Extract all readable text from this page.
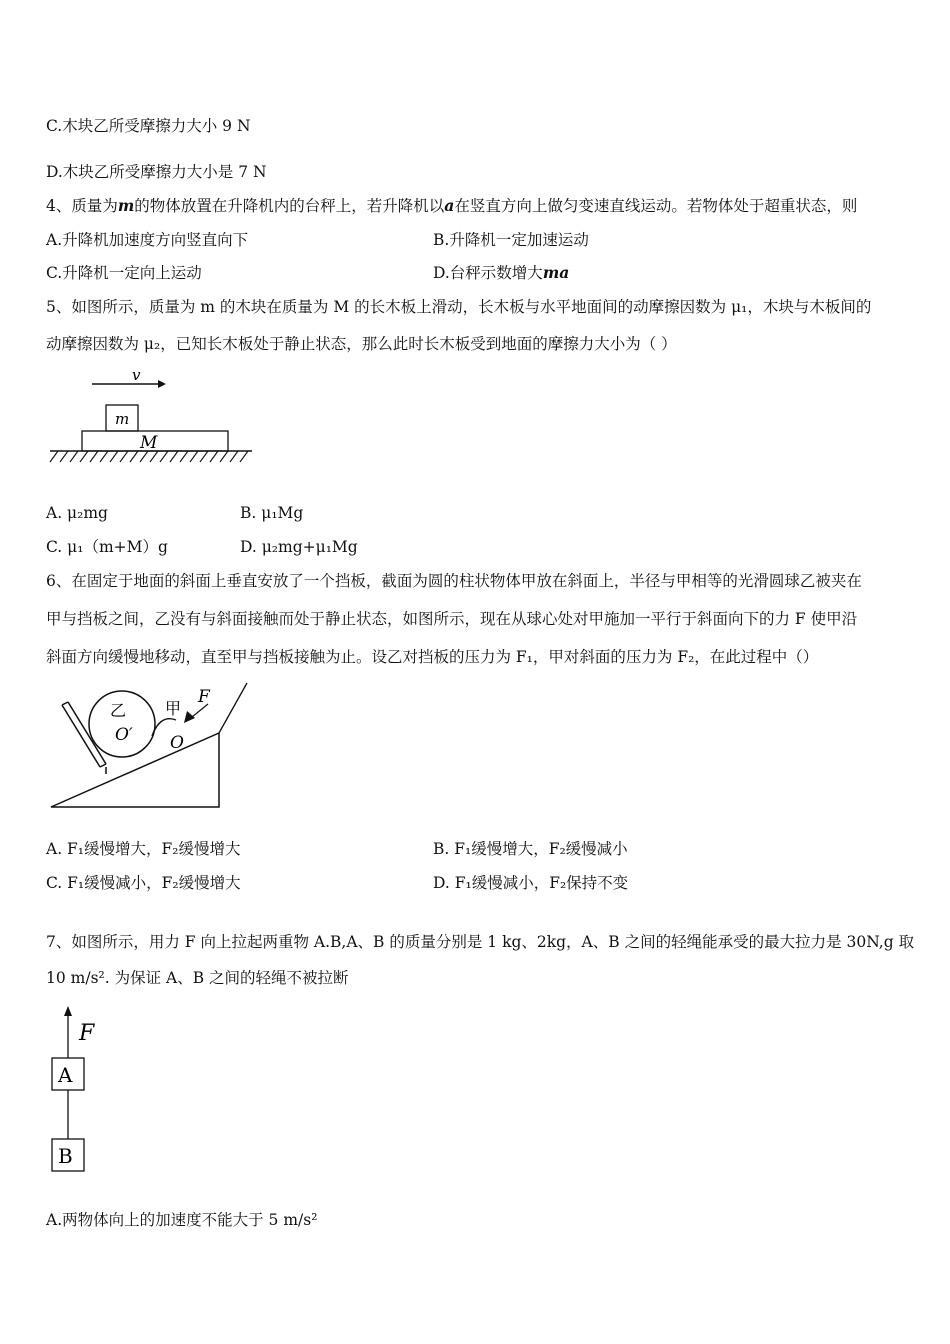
C.木块乙所受摩擦力大小 9 N
D.木块乙所受摩擦力大小是 7 N
4、质量为m的物体放置在升降机内的台秤上，若升降机以a在竖直方向上做匀变速直线运动。若物体处于超重状态，则
A.升降机加速度方向竖直向下	B.升降机一定加速运动
C.升降机一定向上运动	D.台秤示数增大ma
5、如图所示，质量为 m 的木块在质量为 M 的长木板上滑动，长木板与水平地面间的动摩擦因数为 μ₁，木块与木板间的
动摩擦因数为 μ₂，已知长木板处于静止状态，那么此时长木板受到地面的摩擦力大小为（ ）
v
m
M
A. μ₂mg	B. μ₁Mg
C. μ₁（m+M）g	D. μ₂mg+μ₁Mg
6、在固定于地面的斜面上垂直安放了一个挡板，截面为圆的柱状物体甲放在斜面上，半径与甲相等的光滑圆球乙被夹在
甲与挡板之间，乙没有与斜面接触而处于静止状态，如图所示，现在从球心处对甲施加一平行于斜面向下的力 F 使甲沿
斜面方向缓慢地移动，直至甲与挡板接触为止。设乙对挡板的压力为 F₁，甲对斜面的压力为 F₂，在此过程中（）
乙 甲
F
O′ O
A. F₁缓慢增大，F₂缓慢增大	B. F₁缓慢增大，F₂缓慢减小
C. F₁缓慢减小，F₂缓慢增大	D. F₁缓慢减小，F₂保持不变
7、如图所示，用力 F 向上拉起两重物 A.B,A、B 的质量分别是 1 kg、2kg，A、B 之间的轻绳能承受的最大拉力是 30N,g 取
10 m/s². 为保证 A、B 之间的轻绳不被拉断
F
A
B
A.两物体向上的加速度不能大于 5 m/s²
